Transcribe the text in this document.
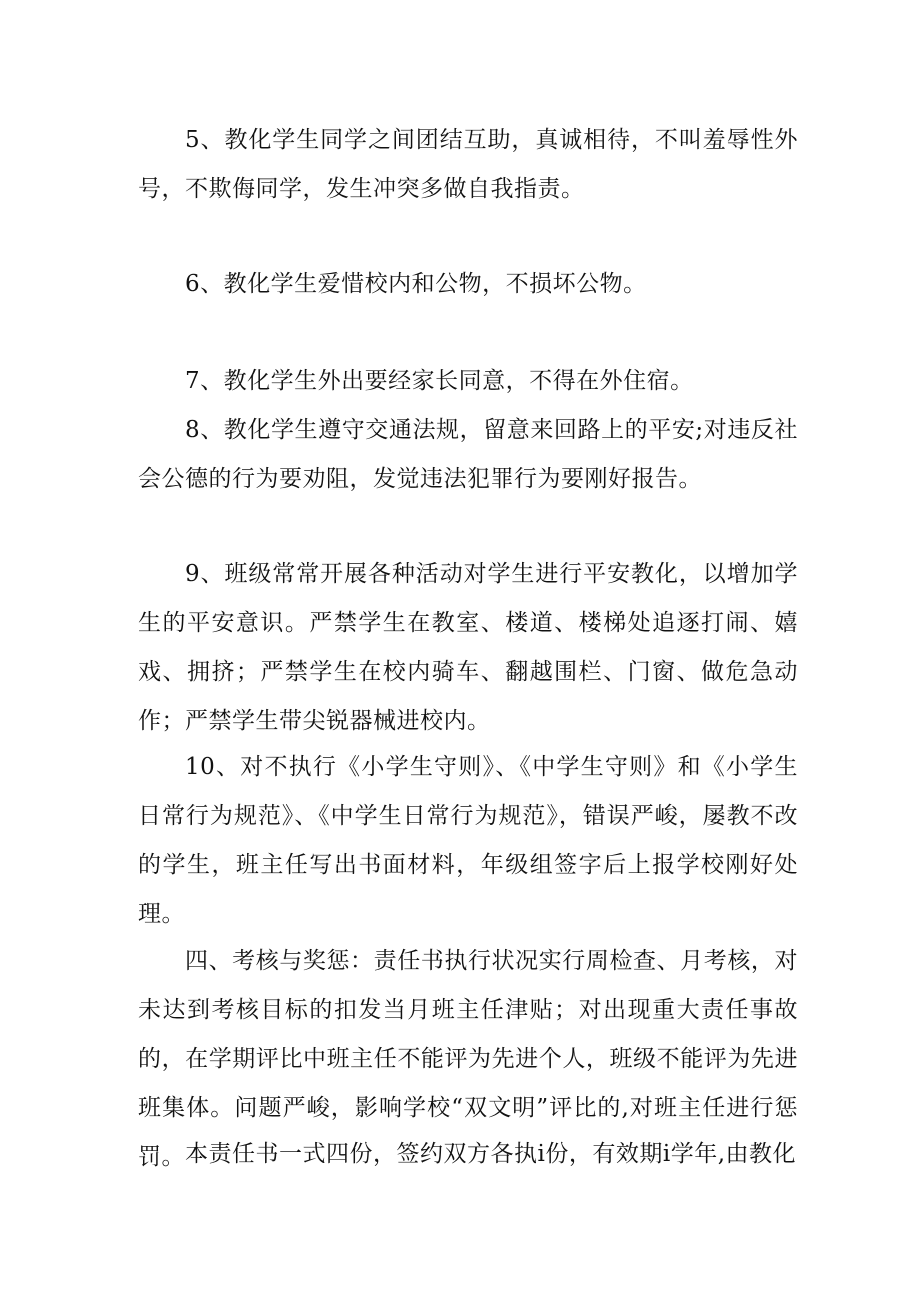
5、教化学生同学之间团结互助，真诚相待，不叫羞辱性外号，不欺侮同学，发生冲突多做自我指责。

6、教化学生爱惜校内和公物，不损坏公物。

7、教化学生外出要经家长同意，不得在外住宿。

8、教化学生遵守交通法规，留意来回路上的平安;对违反社会公德的行为要劝阻，发觉违法犯罪行为要刚好报告。

9、班级常常开展各种活动对学生进行平安教化，以增加学生的平安意识。严禁学生在教室、楼道、楼梯处追逐打闹、嬉戏、拥挤；严禁学生在校内骑车、翻越围栏、门窗、做危急动作；严禁学生带尖锐器械进校内。

10、对不执行《小学生守则》、《中学生守则》和《小学生日常行为规范》、《中学生日常行为规范》，错误严峻，屡教不改的学生，班主任写出书面材料，年级组签字后上报学校刚好处理。

四、考核与奖惩：责任书执行状况实行周检查、月考核，对未达到考核目标的扣发当月班主任津贴；对出现重大责任事故的，在学期评比中班主任不能评为先进个人，班级不能评为先进班集体。问题严峻，影响学校“双文明”评比的,对班主任进行惩罚。 本责任书一式四份，签约双方各执i份，有效期i学年,由教化
